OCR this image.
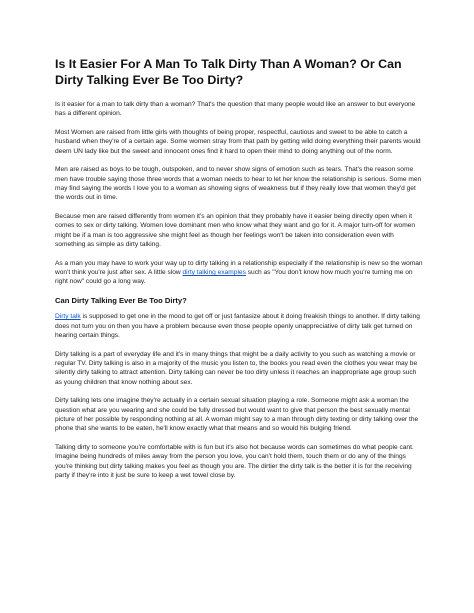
Is It Easier For A Man To Talk Dirty Than A Woman? Or Can Dirty Talking Ever Be Too Dirty?

Is it easier for a man to talk dirty than a woman? That's the question that many people would like an answer to but everyone has a different opinion.

Most Women are raised from little girls with thoughts of being proper, respectful, cautious and sweet to be able to catch a husband when they're of a certain age. Some women stray from that path by getting wild doing everything their parents would deem UN lady like but the sweet and innocent ones find it hard to open their mind to doing anything out of the norm.

Men are raised as boys to be tough, outspoken, and to never show signs of emotion such as tears. That's the reason some men have trouble saying those three words that a woman needs to hear to let her know the relationship is serious. Some men may find saying the words I love you to a woman as showing signs of weakness but if they really love that women they'd get the words out in time.

Because men are raised differently from women it's an opinion that they probably have it easier being directly open when it comes to sex or dirty talking. Women love dominant men who know what they want and go for it. A major turn-off for women might be if a man is too aggressive she might feel as though her feelings won't be taken into consideration even with something as simple as dirty talking.

As a man you may have to work your way up to dirty talking in a relationship especially if the relationship is new so the woman won't think you're just after sex. A little slow dirty talking examples such as "You don't know how much you're turning me on right now" could go a long way.

Can Dirty Talking Ever Be Too Dirty?

Dirty talk is supposed to get one in the mood to get off or just fantasize about it doing freakish things to another. If dirty talking does not turn you on then you have a problem because even those people openly unappreciative of dirty talk get turned on hearing certain things.

Dirty talking is a part of everyday life and it's in many things that might be a daily activity to you such as watching a movie or regular TV. Dirty talking is also in a majority of the music you listen to, the books you read even the clothes you wear may be silently dirty talking to attract attention. Dirty talking can never be too dirty unless it reaches an inappropriate age group such as young children that know nothing about sex.

Dirty talking lets one imagine they're actually in a certain sexual situation playing a role. Someone might ask a woman the question what are you wearing and she could be fully dressed but would want to give that person the best sexually mental picture of her possible by responding nothing at all. A woman might say to a man through dirty texting or dirty talking over the phone that she wants to be eaten, he'll know exactly what that means and so would his bulging friend.

Talking dirty to someone you're comfortable with is fun but it's also hot because words can sometimes do what people cant. Imagine being hundreds of miles away from the person you love, you can't hold them, touch them or do any of the things you're thinking but dirty talking makes you feel as though you are. The dirtier the dirty talk is the better it is for the receiving party if they're into it just be sure to keep a wet towel close by.
